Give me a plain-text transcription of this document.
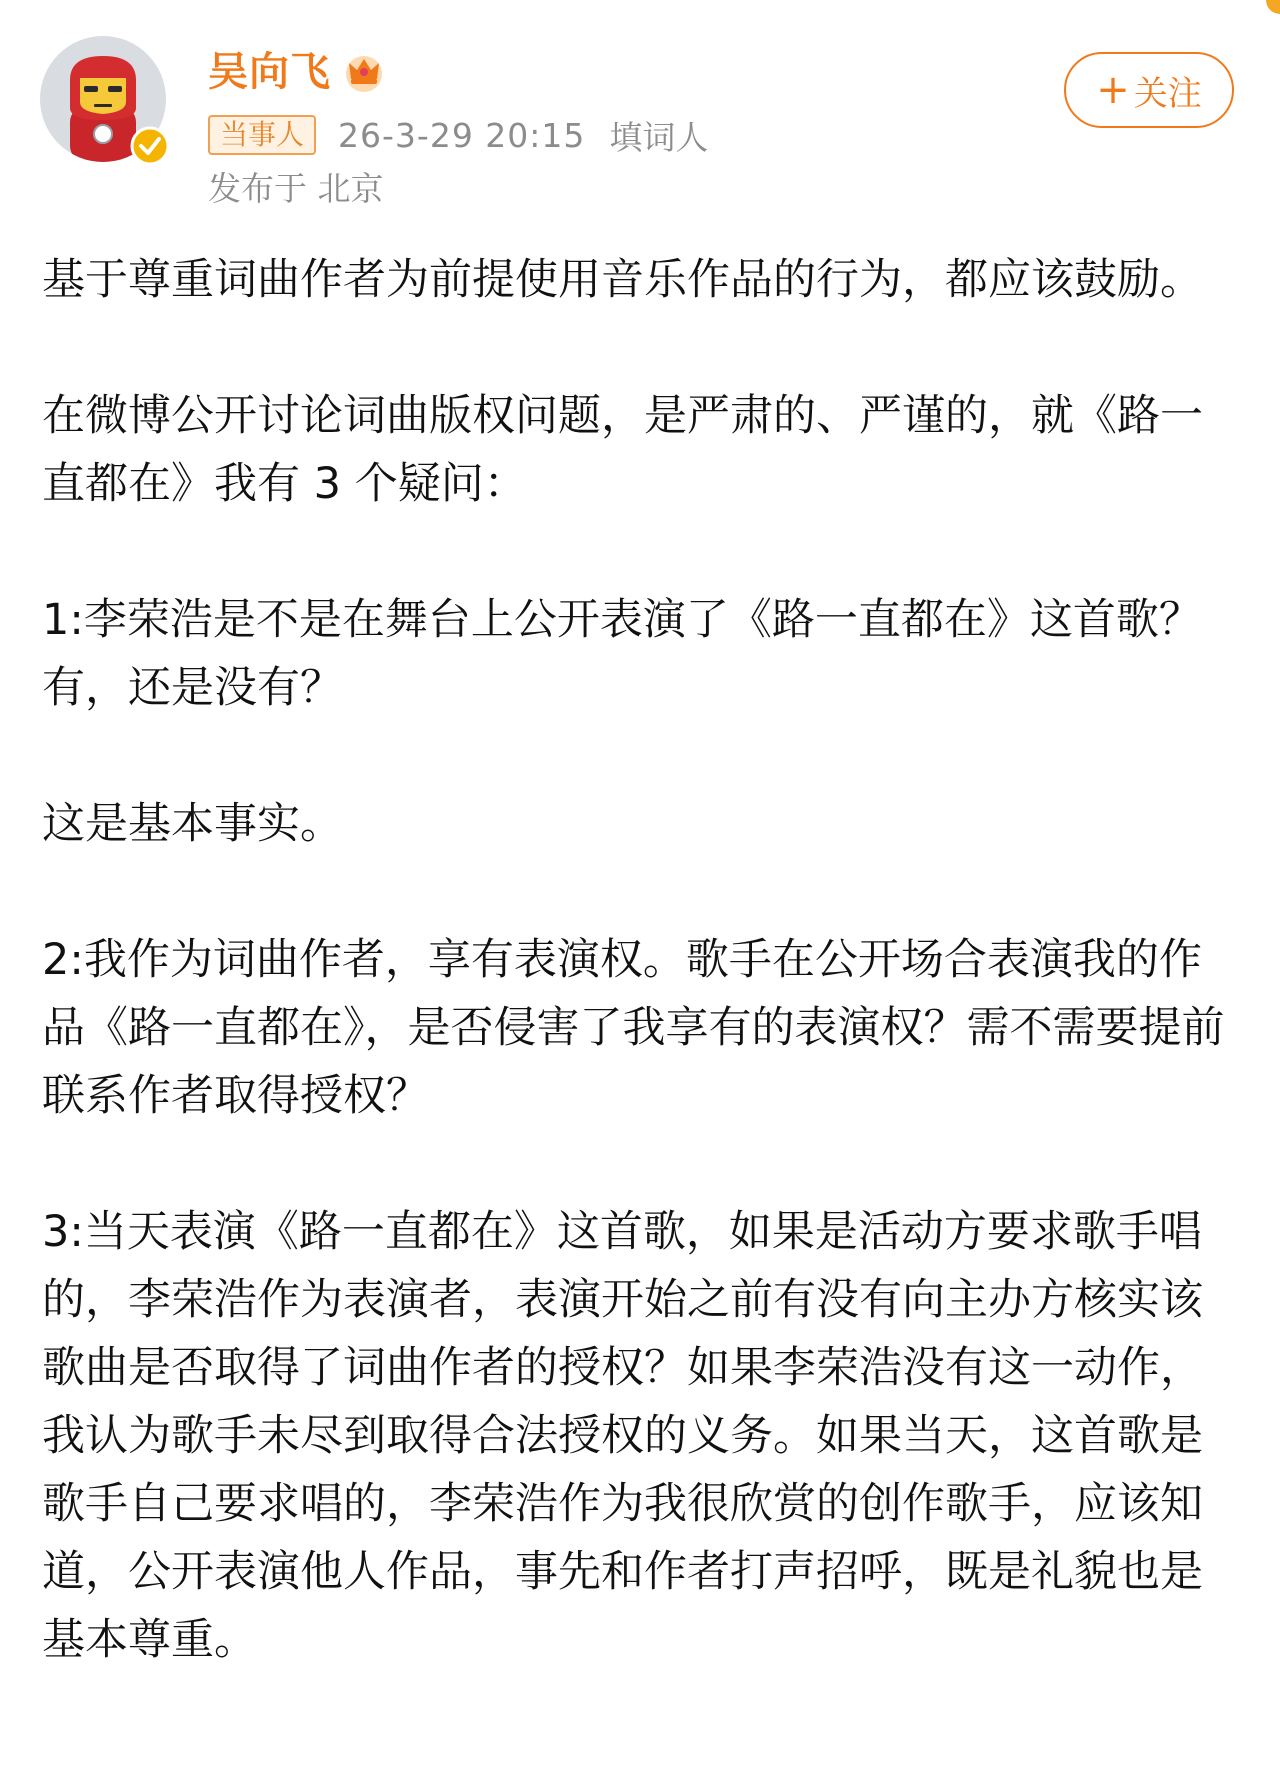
吴向飞
当事人	26-3-29 20:15 填词人
发布于 北京
+ 关注

基于尊重词曲作者为前提使用音乐作品的行为，都应该鼓励。

在微博公开讨论词曲版权问题，是严肃的、严谨的，就《路一直都在》我有 3 个疑问：

1:李荣浩是不是在舞台上公开表演了《路一直都在》这首歌？有，还是没有？

这是基本事实。

2:我作为词曲作者，享有表演权。歌手在公开场合表演我的作品《路一直都在》，是否侵害了我享有的表演权？需不需要提前联系作者取得授权？

3:当天表演《路一直都在》这首歌，如果是活动方要求歌手唱的，李荣浩作为表演者，表演开始之前有没有向主办方核实该歌曲是否取得了词曲作者的授权？如果李荣浩没有这一动作，我认为歌手未尽到取得合法授权的义务。如果当天，这首歌是歌手自己要求唱的，李荣浩作为我很欣赏的创作歌手，应该知道，公开表演他人作品，事先和作者打声招呼，既是礼貌也是基本尊重。
